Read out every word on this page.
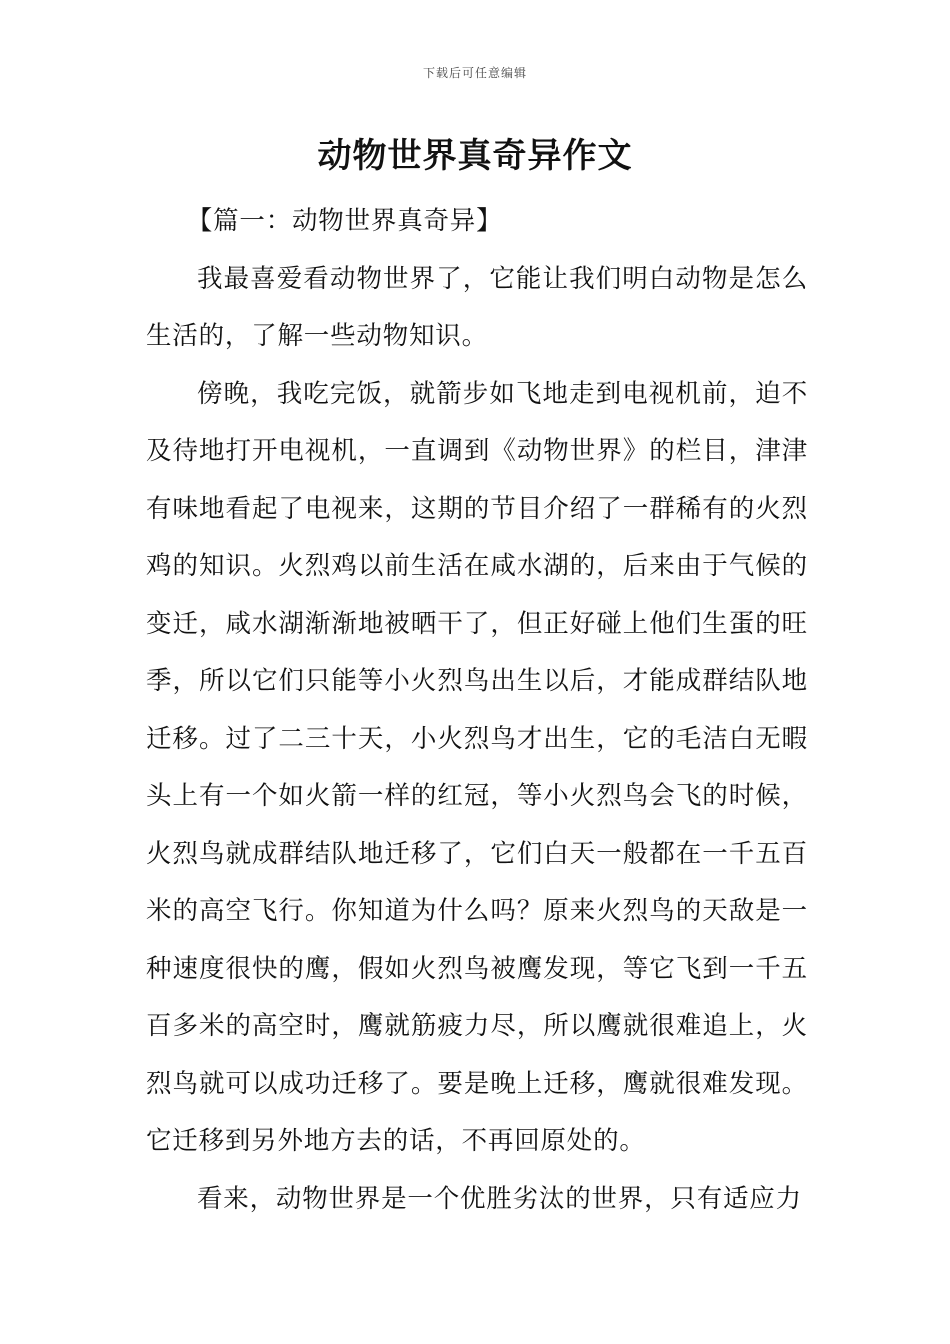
下载后可任意编辑
动物世界真奇异作文

【篇一：动物世界真奇异】

我最喜爱看动物世界了，它能让我们明白动物是怎么生活的，了解一些动物知识。

傍晚，我吃完饭，就箭步如飞地走到电视机前，迫不及待地打开电视机，一直调到《动物世界》的栏目，津津有味地看起了电视来，这期的节目介绍了一群稀有的火烈鸡的知识。火烈鸡以前生活在咸水湖的，后来由于气候的变迁，咸水湖渐渐地被晒干了，但正好碰上他们生蛋的旺季，所以它们只能等小火烈鸟出生以后，才能成群结队地迁移。过了二三十天，小火烈鸟才出生，它的毛洁白无暇头上有一个如火箭一样的红冠，等小火烈鸟会飞的时候，火烈鸟就成群结队地迁移了，它们白天一般都在一千五百米的高空飞行。你知道为什么吗？原来火烈鸟的天敌是一种速度很快的鹰，假如火烈鸟被鹰发现，等它飞到一千五百多米的高空时，鹰就筋疲力尽，所以鹰就很难追上，火烈鸟就可以成功迁移了。要是晚上迁移，鹰就很难发现。它迁移到另外地方去的话，不再回原处的。

看来，动物世界是一个优胜劣汰的世界，只有适应力
